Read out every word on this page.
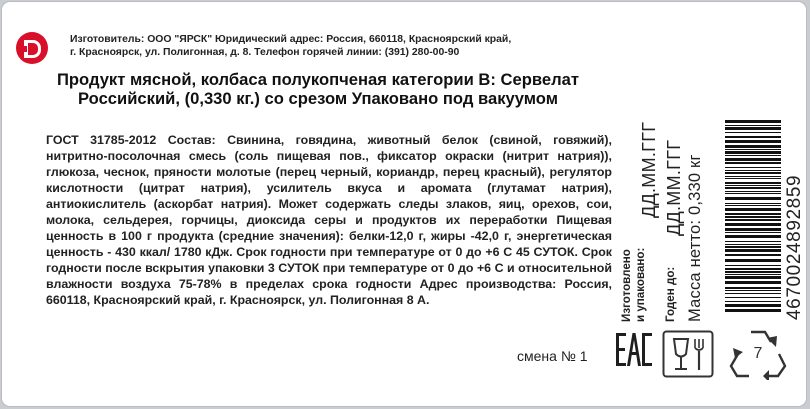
Изготовитель: ООО "ЯРСК" Юридический адрес: Россия, 660118, Красноярский край,
г. Красноярск, ул. Полигонная, д. 8. Телефон горячей линии: (391) 280-00-90
Продукт мясной, колбаса полукопченая категории В: Сервелат
Российский, (0,330 кг.) со срезом Упаковано под вакуумом
ГОСТ 31785-2012 Состав: Свинина, говядина, животный белок (свиной, говяжий), нитритно-посолочная смесь (соль пищевая пов., фиксатор окраски (нитрит натрия)), глюкоза, чеснок, пряности молотые (перец черный, кориандр, перец красный), регулятор кислотности (цитрат натрия), усилитель вкуса и аромата (глутамат натрия), антиокислитель (аскорбат натрия). Может содержать следы злаков, яиц, орехов, сои, молока, сельдерея, горчицы, диоксида серы и продуктов их переработки Пищевая ценность в 100 г продукта (средние значения): белки-12,0 г, жиры -42,0 г, энергетическая ценность - 430 ккал/ 1780 кДж. Срок годности при температуре от 0 до +6 С 45 СУТОК. Срок годности после вскрытия упаковки 3 СУТОК при температуре от 0 до +6 С и относительной влажности воздуха 75-78% в пределах срока годности Адрес производства: Россия, 660118, Красноярский край, г. Красноярск, ул. Полигонная 8 А.
смена № 1	7
Изготовлено и упаковано:
ДД.ММ.ГГГ
Годен до:
ДД.ММ.ГГГ Масса нетто: 0,330 кг	4670024892859
